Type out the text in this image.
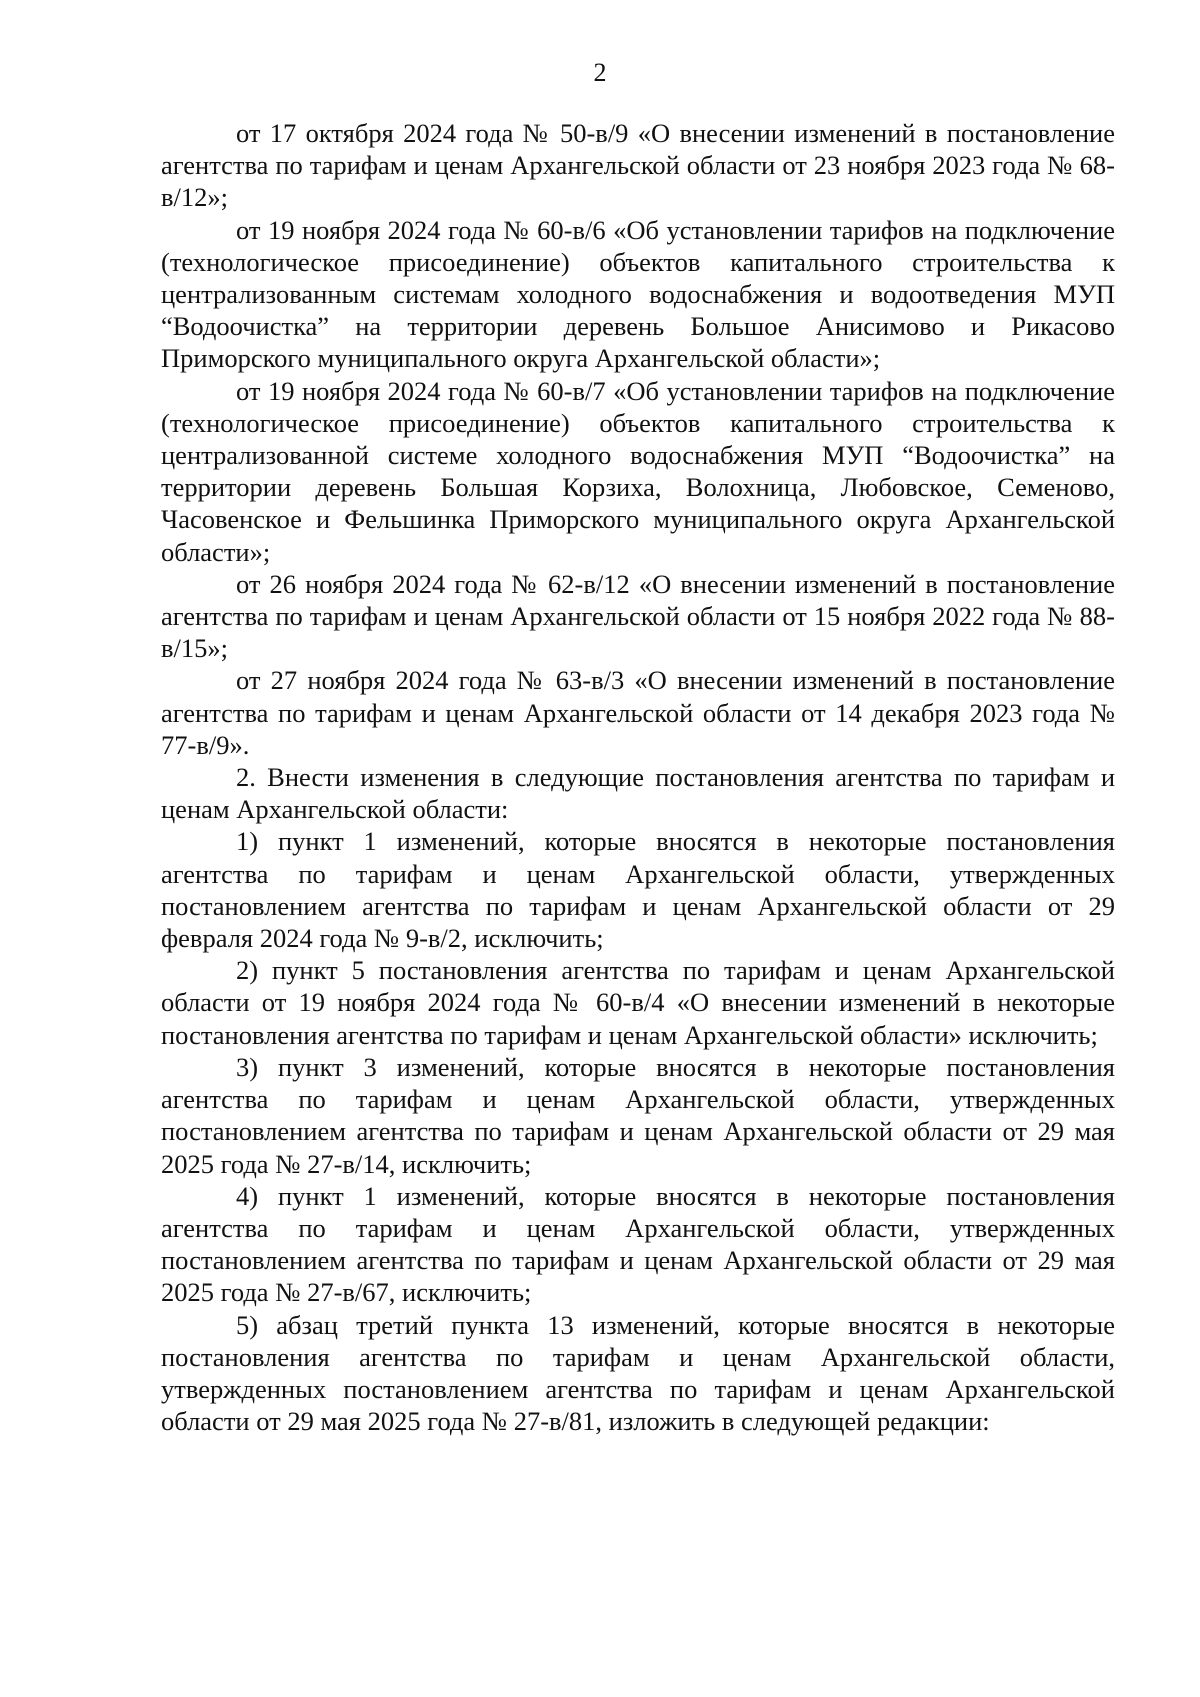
2

от 17 октября 2024 года № 50-в/9 «О внесении изменений в постановление агентства по тарифам и ценам Архангельской области от 23 ноября 2023 года № 68-в/12»;

от 19 ноября 2024 года № 60-в/6 «Об установлении тарифов на подключение (технологическое присоединение) объектов капитального строительства к централизованным системам холодного водоснабжения и водоотведения МУП “Водоочистка” на территории деревень Большое Анисимово и Рикасово Приморского муниципального округа Архангельской области»;

от 19 ноября 2024 года № 60-в/7 «Об установлении тарифов на подключение (технологическое присоединение) объектов капитального строительства к централизованной системе холодного водоснабжения МУП “Водоочистка” на территории деревень Большая Корзиха, Волохница, Любовское, Семеново, Часовенское и Фельшинка Приморского муниципального округа Архангельской области»;

от 26 ноября 2024 года № 62-в/12 «О внесении изменений в постановление агентства по тарифам и ценам Архангельской области от 15 ноября 2022 года № 88-в/15»;

от 27 ноября 2024 года № 63-в/3 «О внесении изменений в постановление агентства по тарифам и ценам Архангельской области от 14 декабря 2023 года № 77-в/9».

2. Внести изменения в следующие постановления агентства по тарифам и ценам Архангельской области:

1) пункт 1 изменений, которые вносятся в некоторые постановления агентства по тарифам и ценам Архангельской области, утвержденных постановлением агентства по тарифам и ценам Архангельской области от 29 февраля 2024 года № 9-в/2, исключить;

2) пункт 5 постановления агентства по тарифам и ценам Архангельской области от 19 ноября 2024 года № 60-в/4 «О внесении изменений в некоторые постановления агентства по тарифам и ценам Архангельской области» исключить;

3) пункт 3 изменений, которые вносятся в некоторые постановления агентства по тарифам и ценам Архангельской области, утвержденных постановлением агентства по тарифам и ценам Архангельской области от 29 мая 2025 года № 27-в/14, исключить;

4) пункт 1 изменений, которые вносятся в некоторые постановления агентства по тарифам и ценам Архангельской области, утвержденных постановлением агентства по тарифам и ценам Архангельской области от 29 мая 2025 года № 27-в/67, исключить;

5) абзац третий пункта 13 изменений, которые вносятся в некоторые постановления агентства по тарифам и ценам Архангельской области, утвержденных постановлением агентства по тарифам и ценам Архангельской области от 29 мая 2025 года № 27-в/81, изложить в следующей редакции:
